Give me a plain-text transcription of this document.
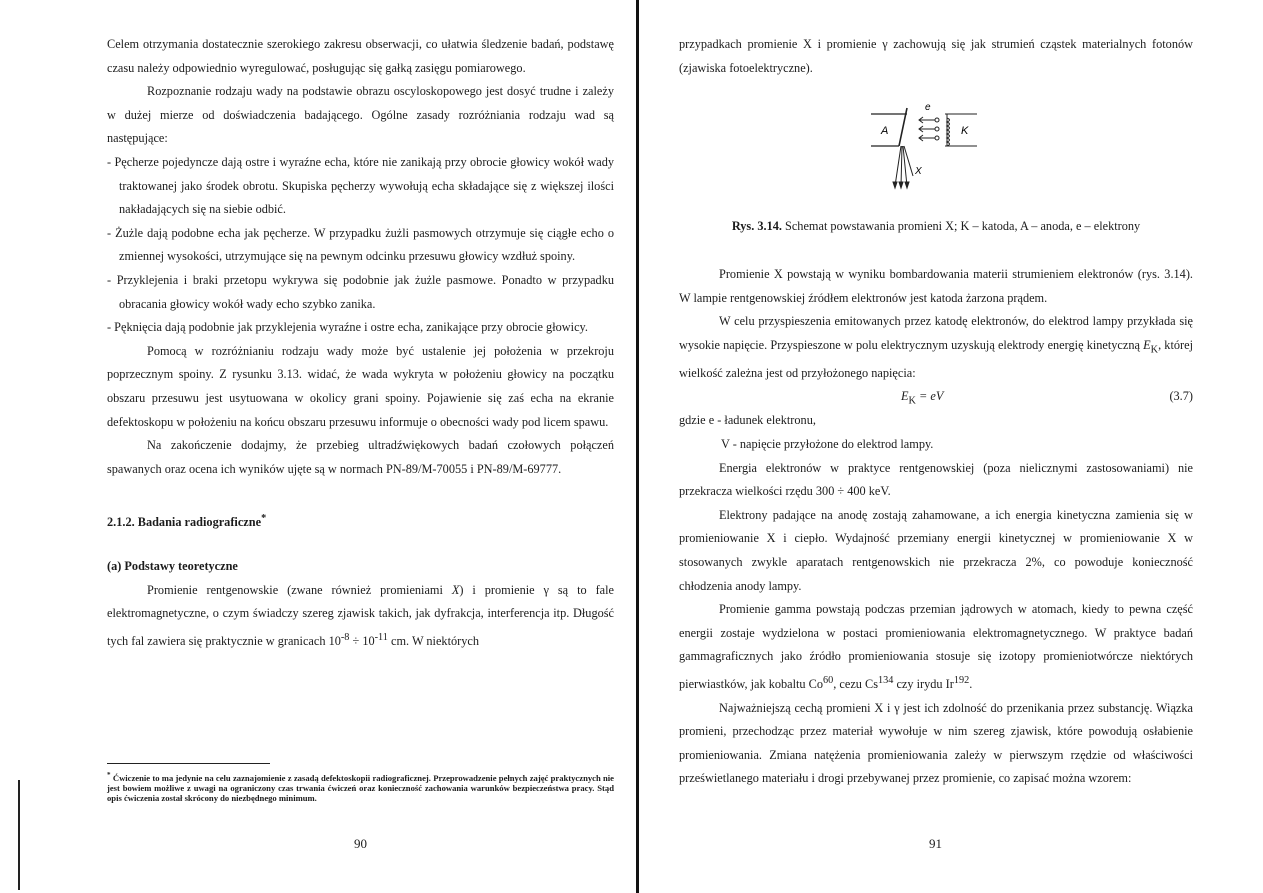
Celem otrzymania dostatecznie szerokiego zakresu obserwacji, co ułatwia śledzenie badań, podstawę czasu należy odpowiednio wyregulować, posługując się gałką zasięgu pomiarowego.

Rozpoznanie rodzaju wady na podstawie obrazu oscyloskopowego jest dosyć trudne i zależy w dużej mierze od doświadczenia badającego. Ogólne zasady rozróżniania rodzaju wad są następujące:

- Pęcherze pojedyncze dają ostre i wyraźne echa, które nie zanikają przy obrocie głowicy wokół wady traktowanej jako środek obrotu. Skupiska pęcherzy wywołują echa składające się z większej ilości nakładających się na siebie odbić.

- Żużle dają podobne echa jak pęcherze. W przypadku żużli pasmowych otrzymuje się ciągłe echo o zmiennej wysokości, utrzymujące się na pewnym odcinku przesuwu głowicy wzdłuż spoiny.

- Przyklejenia i braki przetopu wykrywa się podobnie jak żużle pasmowe. Ponadto w przypadku obracania głowicy wokół wady echo szybko zanika.

- Pęknięcia dają podobnie jak przyklejenia wyraźne i ostre echa, zanikające przy obrocie głowicy.

Pomocą w rozróżnianiu rodzaju wady może być ustalenie jej położenia w przekroju poprzecznym spoiny. Z rysunku 3.13. widać, że wada wykryta w położeniu głowicy na początku obszaru przesuwu jest usytuowana w okolicy grani spoiny. Pojawienie się zaś echa na ekranie defektoskopu w położeniu na końcu obszaru przesuwu informuje o obecności wady pod licem spawu.

Na zakończenie dodajmy, że przebieg ultradźwiękowych badań czołowych połączeń spawanych oraz ocena ich wyników ujęte są w normach PN-89/M-70055 i PN-89/M-69777.

2.1.2. Badania radiograficzne*

(a) Podstawy teoretyczne

Promienie rentgenowskie (zwane również promieniami X) i promienie γ są to fale elektromagnetyczne, o czym świadczy szereg zjawisk takich, jak dyfrakcja, interferencja itp. Długość tych fal zawiera się praktycznie w granicach $10^{-8} \div 10^{-11}$ cm. W niektórych

* Ćwiczenie to ma jedynie na celu zaznajomienie z zasadą defektoskopii radiograficznej. Przeprowadzenie pełnych zajęć praktycznych nie jest bowiem możliwe z uwagi na ograniczony czas trwania ćwiczeń oraz konieczność zachowania warunków bezpieczeństwa pracy. Stąd opis ćwiczenia został skrócony do niezbędnego minimum.
90

przypadkach promienie X i promienie γ zachowują się jak strumień cząstek materialnych fotonów (zjawiska fotoelektryczne).

A
e
K
X
Rys. 3.14. Schemat powstawania promieni X; K – katoda, A – anoda, e – elektrony

Promienie X powstają w wyniku bombardowania materii strumieniem elektronów (rys. 3.14). W lampie rentgenowskiej źródłem elektronów jest katoda żarzona prądem.

W celu przyspieszenia emitowanych przez katodę elektronów, do elektrod lampy przykłada się wysokie napięcie. Przyspieszone w polu elektrycznym uzyskują elektrody energię kinetyczną $E_K$, której wielkość zależna jest od przyłożonego napięcia:

$E_K$ = eV	(3.7)

gdzie e - ładunek elektronu,

V - napięcie przyłożone do elektrod lampy.

Energia elektronów w praktyce rentgenowskiej (poza nielicznymi zastosowaniami) nie przekracza wielkości rzędu 300 ÷ 400 keV.

Elektrony padające na anodę zostają zahamowane, a ich energia kinetyczna zamienia się w promieniowanie X i ciepło. Wydajność przemiany energii kinetycznej w promieniowanie X w stosowanych zwykle aparatach rentgenowskich nie przekracza 2%, co powoduje konieczność chłodzenia anody lampy.

Promienie gamma powstają podczas przemian jądrowych w atomach, kiedy to pewna część energii zostaje wydzielona w postaci promieniowania elektromagnetycznego. W praktyce badań gammagraficznych jako źródło promieniowania stosuje się izotopy promieniotwórcze niektórych pierwiastków, jak kobaltu Co$^{60}$, cezu Cs$^{134}$ czy irydu Ir$^{192}$.

Najważniejszą cechą promieni X i γ jest ich zdolność do przenikania przez substancję. Wiązka promieni, przechodząc przez materiał wywołuje w nim szereg zjawisk, które powodują osłabienie promieniowania. Zmiana natężenia promieniowania zależy w pierwszym rzędzie od właściwości prześwietlanego materiału i drogi przebywanej przez promienie, co zapisać można wzorem:

91
